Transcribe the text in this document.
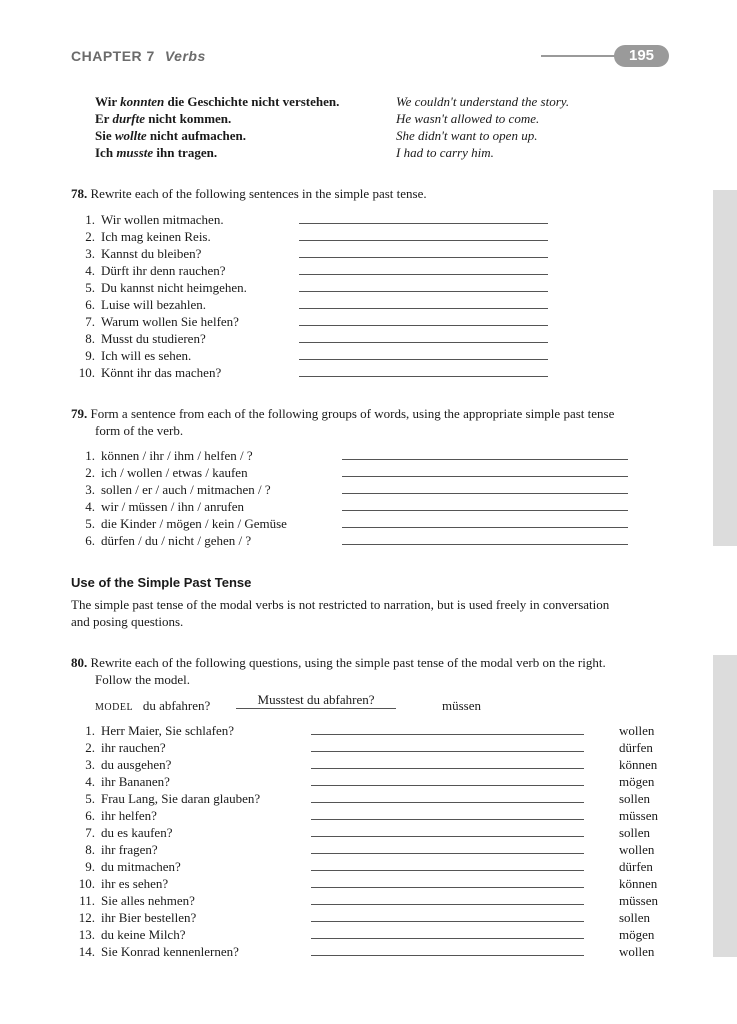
CHAPTER 7 Verbs	195
Wir konnten die Geschichte nicht verstehen.	We couldn't understand the story.
Er durfte nicht kommen.	He wasn't allowed to come.
Sie wollte nicht aufmachen.	She didn't want to open up.
Ich musste ihn tragen.	I had to carry him.
78. Rewrite each of the following sentences in the simple past tense.
1. Wir wollen mitmachen.
2. Ich mag keinen Reis.
3. Kannst du bleiben?
4. Dürft ihr denn rauchen?
5. Du kannst nicht heimgehen.
6. Luise will bezahlen.
7. Warum wollen Sie helfen?
8. Musst du studieren?
9. Ich will es sehen.
10. Könnt ihr das machen?
79. Form a sentence from each of the following groups of words, using the appropriate simple past tense
form of the verb.
1. können / ihr / ihm / helfen / ?
2. ich / wollen / etwas / kaufen
3. sollen / er / auch / mitmachen / ?
4. wir / müssen / ihn / anrufen
5. die Kinder / mögen / kein / Gemüse
6. dürfen / du / nicht / gehen / ?
Use of the Simple Past Tense
The simple past tense of the modal verbs is not restricted to narration, but is used freely in conversation
and posing questions.
80. Rewrite each of the following questions, using the simple past tense of the modal verb on the right.
Follow the model.
MODEL du abfahren?	Musstest du abfahren?	müssen
1. Herr Maier, Sie schlafen?	wollen
2. ihr rauchen?	dürfen
3. du ausgehen?	können
4. ihr Bananen?	mögen
5. Frau Lang, Sie daran glauben?	sollen
6. ihr helfen?	müssen
7. du es kaufen?	sollen
8. ihr fragen?	wollen
9. du mitmachen?	dürfen
10. ihr es sehen?	können
11. Sie alles nehmen?	müssen
12. ihr Bier bestellen?	sollen
13. du keine Milch?	mögen
14. Sie Konrad kennenlernen?	wollen
